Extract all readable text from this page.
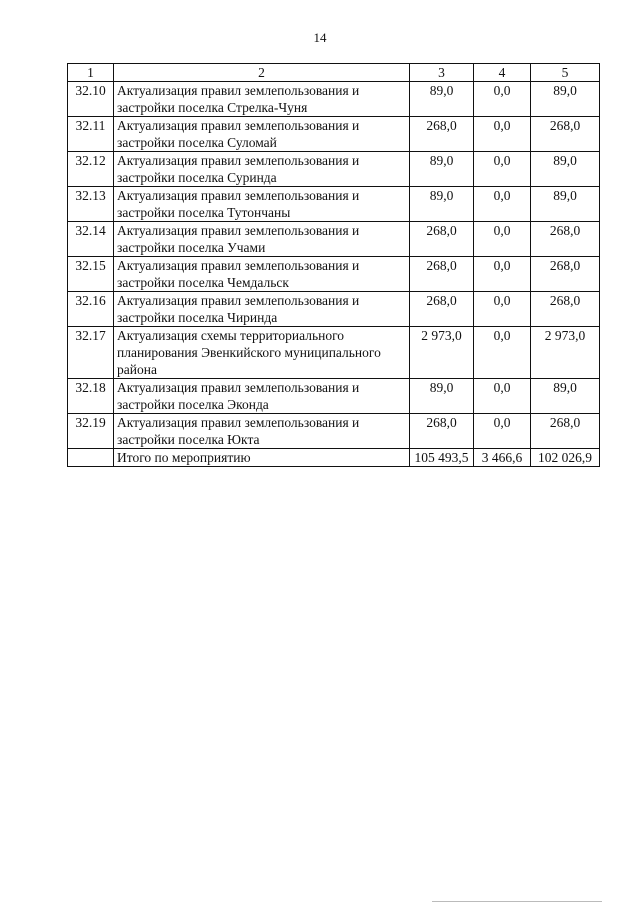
14
1	2	3	4	5
32.10	Актуализация правил землепользования и застройки поселка Стрелка-Чуня	89,0	0,0	89,0
32.11	Актуализация правил землепользования и застройки поселка Суломай	268,0	0,0	268,0
32.12	Актуализация правил землепользования и застройки поселка Суринда	89,0	0,0	89,0
32.13	Актуализация правил землепользования и застройки поселка Тутончаны	89,0	0,0	89,0
32.14	Актуализация правил землепользования и застройки поселка Учами	268,0	0,0	268,0
32.15	Актуализация правил землепользования и застройки поселка Чемдальск	268,0	0,0	268,0
32.16	Актуализация правил землепользования и застройки поселка Чиринда	268,0	0,0	268,0
32.17	Актуализация схемы территориального планирования Эвенкийского муниципального района	2 973,0	0,0	2 973,0
32.18	Актуализация правил землепользования и застройки поселка Эконда	89,0	0,0	89,0
32.19	Актуализация правил землепользования и застройки поселка Юкта	268,0	0,0	268,0
	Итого по мероприятию	105 493,5	3 466,6	102 026,9
